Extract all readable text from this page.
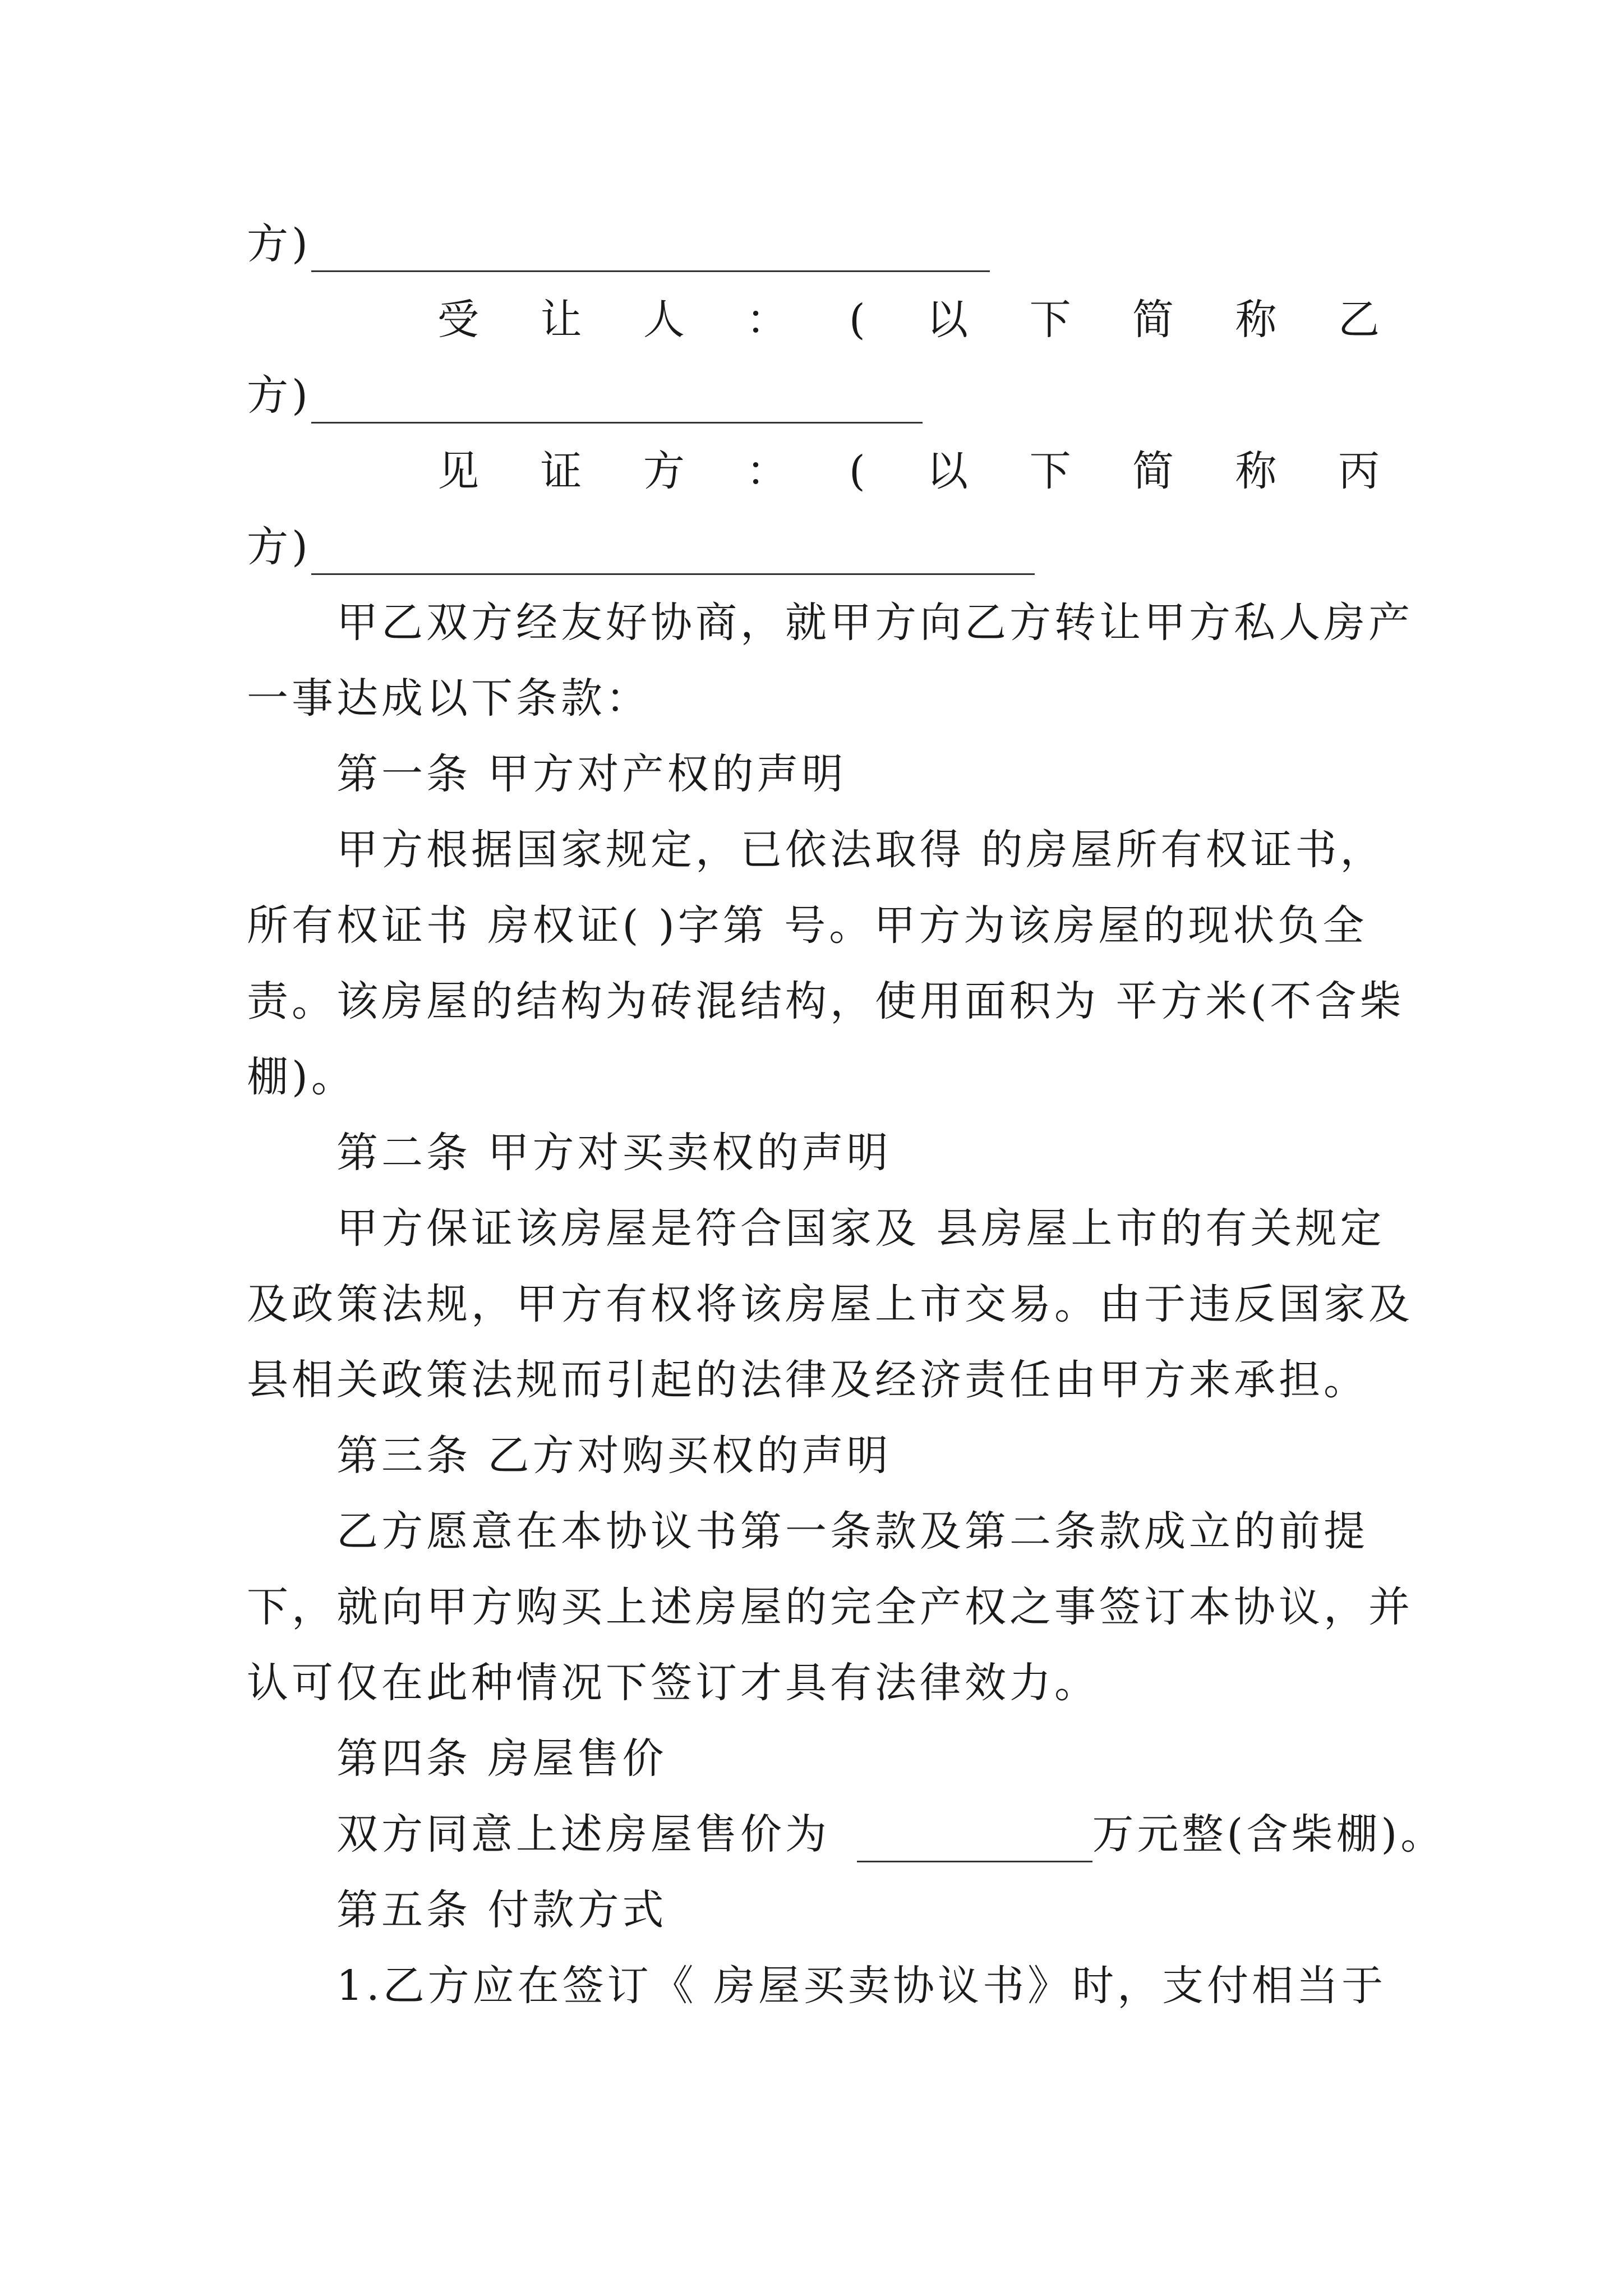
方)
受 让 人 ： ( 以 下 简 称 乙
方)
见 证 方 ： ( 以 下 简 称 丙
方)
甲乙双方经友好协商，就甲方向乙方转让甲方私人房产
一事达成以下条款：
第一条 甲方对产权的声明
甲方根据国家规定，已依法取得 的房屋所有权证书，
所有权证书 房权证( )字第 号。甲方为该房屋的现状负全
责。该房屋的结构为砖混结构，使用面积为 平方米(不含柴
棚)。
第二条 甲方对买卖权的声明
甲方保证该房屋是符合国家及 县房屋上市的有关规定
及政策法规，甲方有权将该房屋上市交易。由于违反国家及
县相关政策法规而引起的法律及经济责任由甲方来承担。
第三条 乙方对购买权的声明
乙方愿意在本协议书第一条款及第二条款成立的前提
下，就向甲方购买上述房屋的完全产权之事签订本协议，并
认可仅在此种情况下签订才具有法律效力。
第四条 房屋售价
双方同意上述房屋售价为	万元整(含柴棚)。
第五条 付款方式
1.乙方应在签订《 房屋买卖协议书》时，支付相当于
